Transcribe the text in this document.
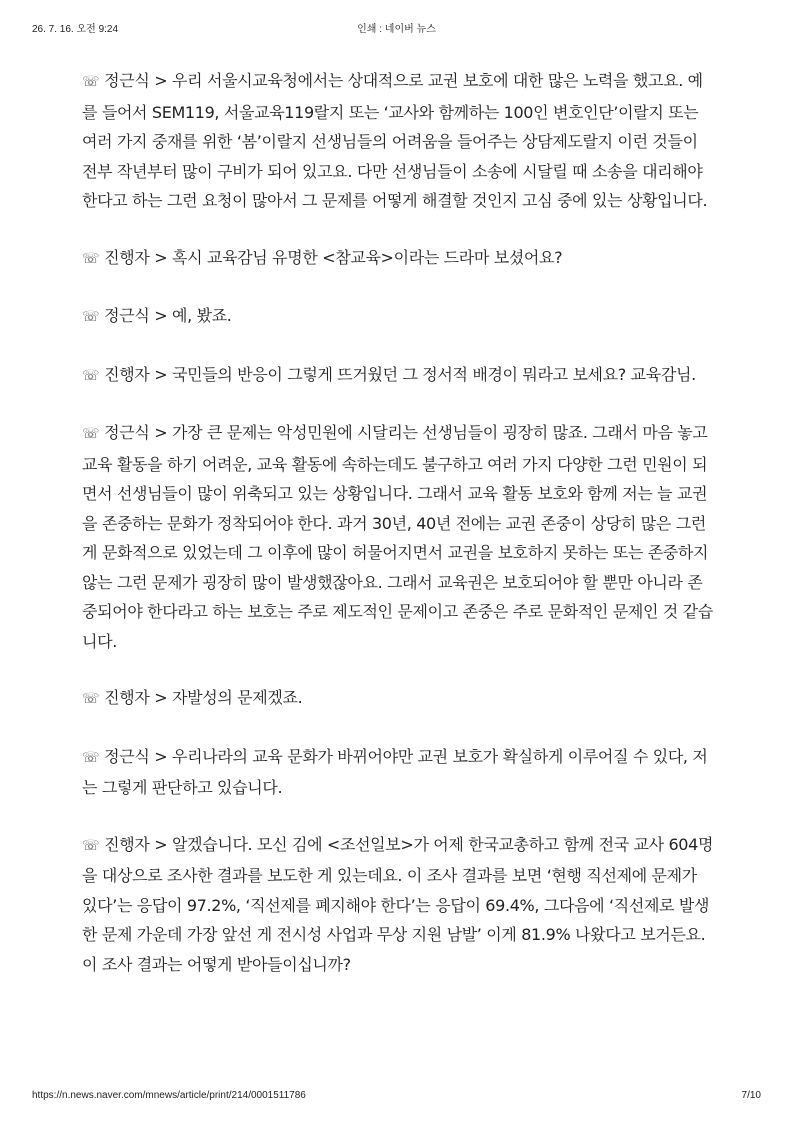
26. 7. 16. 오전 9:24	인쇄 : 네이버 뉴스

☏ 정근식 > 우리 서울시교육청에서는 상대적으로 교권 보호에 대한 많은 노력을 했고요. 예를 들어서 SEM119, 서울교육119랄지 또는 ‘교사와 함께하는 100인 변호인단’이랄지 또는 여러 가지 중재를 위한 ‘봄’이랄지 선생님들의 어려움을 들어주는 상담제도랄지 이런 것들이 전부 작년부터 많이 구비가 되어 있고요. 다만 선생님들이 소송에 시달릴 때 소송을 대리해야 한다고 하는 그런 요청이 많아서 그 문제를 어떻게 해결할 것인지 고심 중에 있는 상황입니다.

☏ 진행자 > 혹시 교육감님 유명한 <참교육>이라는 드라마 보셨어요?

☏ 정근식 > 예, 봤죠.

☏ 진행자 > 국민들의 반응이 그렇게 뜨거웠던 그 정서적 배경이 뭐라고 보세요? 교육감님.

☏ 정근식 > 가장 큰 문제는 악성민원에 시달리는 선생님들이 굉장히 많죠. 그래서 마음 놓고 교육 활동을 하기 어려운, 교육 활동에 속하는데도 불구하고 여러 가지 다양한 그런 민원이 되면서 선생님들이 많이 위축되고 있는 상황입니다. 그래서 교육 활동 보호와 함께 저는 늘 교권을 존중하는 문화가 정착되어야 한다. 과거 30년, 40년 전에는 교권 존중이 상당히 많은 그런 게 문화적으로 있었는데 그 이후에 많이 허물어지면서 교권을 보호하지 못하는 또는 존중하지 않는 그런 문제가 굉장히 많이 발생했잖아요. 그래서 교육권은 보호되어야 할 뿐만 아니라 존중되어야 한다라고 하는 보호는 주로 제도적인 문제이고 존중은 주로 문화적인 문제인 것 같습니다.

☏ 진행자 > 자발성의 문제겠죠.

☏ 정근식 > 우리나라의 교육 문화가 바뀌어야만 교권 보호가 확실하게 이루어질 수 있다, 저는 그렇게 판단하고 있습니다.

☏ 진행자 > 알겠습니다. 모신 김에 <조선일보>가 어제 한국교총하고 함께 전국 교사 604명을 대상으로 조사한 결과를 보도한 게 있는데요. 이 조사 결과를 보면 ‘현행 직선제에 문제가 있다’는 응답이 97.2%, ‘직선제를 폐지해야 한다’는 응답이 69.4%, 그다음에 ‘직선제로 발생한 문제 가운데 가장 앞선 게 전시성 사업과 무상 지원 남발’ 이게 81.9% 나왔다고 보거든요. 이 조사 결과는 어떻게 받아들이십니까?

https://n.news.naver.com/mnews/article/print/214/0001511786	7/10
